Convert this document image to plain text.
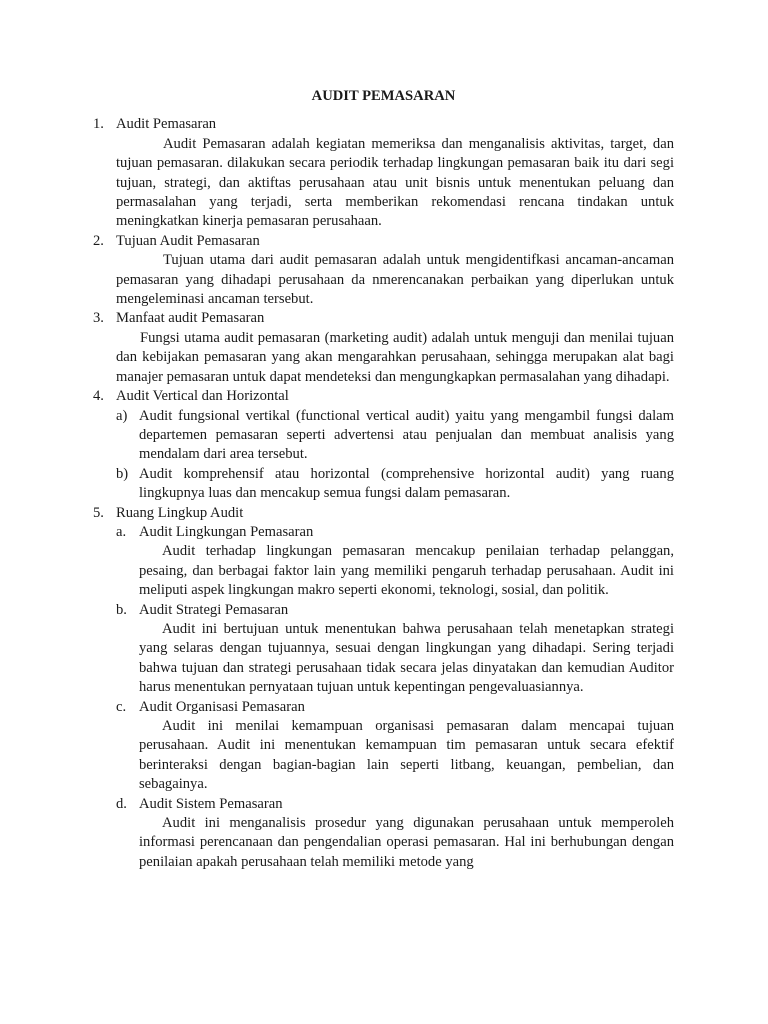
AUDIT PEMASARAN
1. Audit Pemasaran

Audit Pemasaran adalah kegiatan memeriksa dan menganalisis aktivitas, target, dan tujuan pemasaran. dilakukan secara periodik terhadap lingkungan pemasaran baik itu dari segi tujuan, strategi, dan aktiftas perusahaan atau unit bisnis untuk menentukan peluang dan permasalahan yang terjadi, serta memberikan rekomendasi rencana tindakan untuk meningkatkan kinerja pemasaran perusahaan.

2. Tujuan Audit Pemasaran

Tujuan utama dari audit pemasaran adalah untuk mengidentifkasi ancaman-ancaman pemasaran yang dihadapi perusahaan da nmerencanakan perbaikan yang diperlukan untuk mengeleminasi ancaman tersebut.

3. Manfaat audit Pemasaran

Fungsi utama audit pemasaran (marketing audit) adalah untuk menguji dan menilai tujuan dan kebijakan pemasaran yang akan mengarahkan perusahaan, sehingga merupakan alat bagi manajer pemasaran untuk dapat mendeteksi dan mengungkapkan permasalahan yang dihadapi.

4. Audit Vertical dan Horizontal
a) Audit fungsional vertikal (functional vertical audit) yaitu yang mengambil fungsi dalam departemen pemasaran seperti advertensi atau penjualan dan membuat analisis yang mendalam dari area tersebut.

b) Audit komprehensif atau horizontal (comprehensive horizontal audit) yang ruang lingkupnya luas dan mencakup semua fungsi dalam pemasaran.

5. Ruang Lingkup Audit
a. Audit Lingkungan Pemasaran

Audit terhadap lingkungan pemasaran mencakup penilaian terhadap pelanggan, pesaing, dan berbagai faktor lain yang memiliki pengaruh terhadap perusahaan. Audit ini meliputi aspek lingkungan makro seperti ekonomi, teknologi, sosial, dan politik.

b. Audit Strategi Pemasaran

Audit ini bertujuan untuk menentukan bahwa perusahaan telah menetapkan strategi yang selaras dengan tujuannya, sesuai dengan lingkungan yang dihadapi. Sering terjadi bahwa tujuan dan strategi perusahaan tidak secara jelas dinyatakan dan kemudian Auditor harus menentukan pernyataan tujuan untuk kepentingan pengevaluasiannya.

c. Audit Organisasi Pemasaran

Audit ini menilai kemampuan organisasi pemasaran dalam mencapai tujuan perusahaan. Audit ini menentukan kemampuan tim pemasaran untuk secara efektif berinteraksi dengan bagian-bagian lain seperti litbang, keuangan, pembelian, dan sebagainya.

d. Audit Sistem Pemasaran

Audit ini menganalisis prosedur yang digunakan perusahaan untuk memperoleh informasi perencanaan dan pengendalian operasi pemasaran. Hal ini berhubungan dengan penilaian apakah perusahaan telah memiliki metode yang
